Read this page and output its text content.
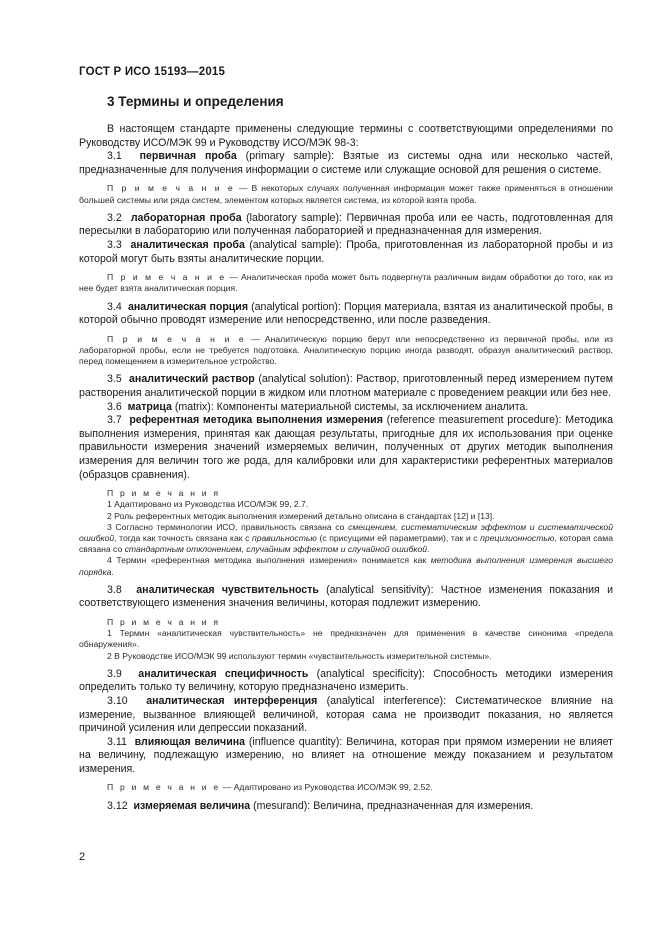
ГОСТ Р ИСО 15193—2015
3 Термины и определения

В настоящем стандарте применены следующие термины с соответствующими определениями по Руководству ИСО/МЭК 99 и Руководству ИСО/МЭК 98-3:

3.1 первичная проба (primary sample): Взятые из системы одна или несколько частей, предназначенные для получения информации о системе или служащие основой для решения о системе.

П р и м е ч а н и е — В некоторых случаях полученная информация может также применяться в отношении большей системы или ряда систем, элементом которых является система, из которой взята проба.

3.2 лабораторная проба (laboratory sample): Первичная проба или ее часть, подготовленная для пересылки в лабораторию или полученная лабораторией и предназначенная для измерения.

3.3 аналитическая проба (analytical sample): Проба, приготовленная из лабораторной пробы и из которой могут быть взяты аналитические порции.

П р и м е ч а н и е — Аналитическая проба может быть подвергнута различным видам обработки до того, как из нее будет взята аналитическая порция.

3.4 аналитическая порция (analytical portion): Порция материала, взятая из аналитической пробы, в которой обычно проводят измерение или непосредственно, или после разведения.

П р и м е ч а н и е — Аналитическую порцию берут или непосредственно из первичной пробы, или из лабораторной пробы, если не требуется подготовка. Аналитическую порцию иногда разводят, образуя аналитический раствор, перед помещением в измерительное устройство.

3.5 аналитический раствор (analytical solution): Раствор, приготовленный перед измерением путем растворения аналитической порции в жидком или плотном материале с проведением реакции или без нее.

3.6 матрица (matrix): Компоненты материальной системы, за исключением аналита.

3.7 референтная методика выполнения измерения (reference measurement procedure): Методика выполнения измерения, принятая как дающая результаты, пригодные для их использования при оценке правильности измерения значений измеряемых величин, полученных от других методик выполнения измерения для величин того же рода, для калибровки или для характеристики референтных материалов (образцов сравнения).

П р и м е ч а н и я

1 Адаптировано из Руководства ИСО/МЭК 99, 2.7.

2 Роль референтных методик выполнения измерений детально описана в стандартах [12] и [13].

3 Согласно терминологии ИСО, правильность связана со смещением, систематическим эффектом и систематической ошибкой, тогда как точность связана как с правильностью (с присущими ей параметрами), так и с прецизионностью, которая сама связана со стандартным отклонением, случайным эффектом и случайной ошибкой.

4 Термин «референтная методика выполнения измерения» понимается как методика выполнения измерения высшего порядка.

3.8 аналитическая чувствительность (analytical sensitivity): Частное изменения показания и соответствующего изменения значения величины, которая подлежит измерению.

П р и м е ч а н и я

1 Термин «аналитическая чувствительность» не предназначен для применения в качестве синонима «предела обнаружения».

2 В Руководстве ИСО/МЭК 99 используют термин «чувствительность измерительной системы».

3.9 аналитическая специфичность (analytical specificity): Способность методики измерения определить только ту величину, которую предназначено измерить.

3.10 аналитическая интерференция (analytical interference): Систематическое влияние на измерение, вызванное влияющей величиной, которая сама не производит показания, но является причиной усиления или депрессии показаний.

3.11 влияющая величина (influence quantity): Величина, которая при прямом измерении не влияет на величину, подлежащую измерению, но влияет на отношение между показанием и результатом измерения.

П р и м е ч а н и е — Адаптировано из Руководства ИСО/МЭК 99, 2.52.

3.12 измеряемая величина (mesurand): Величина, предназначенная для измерения.

2
